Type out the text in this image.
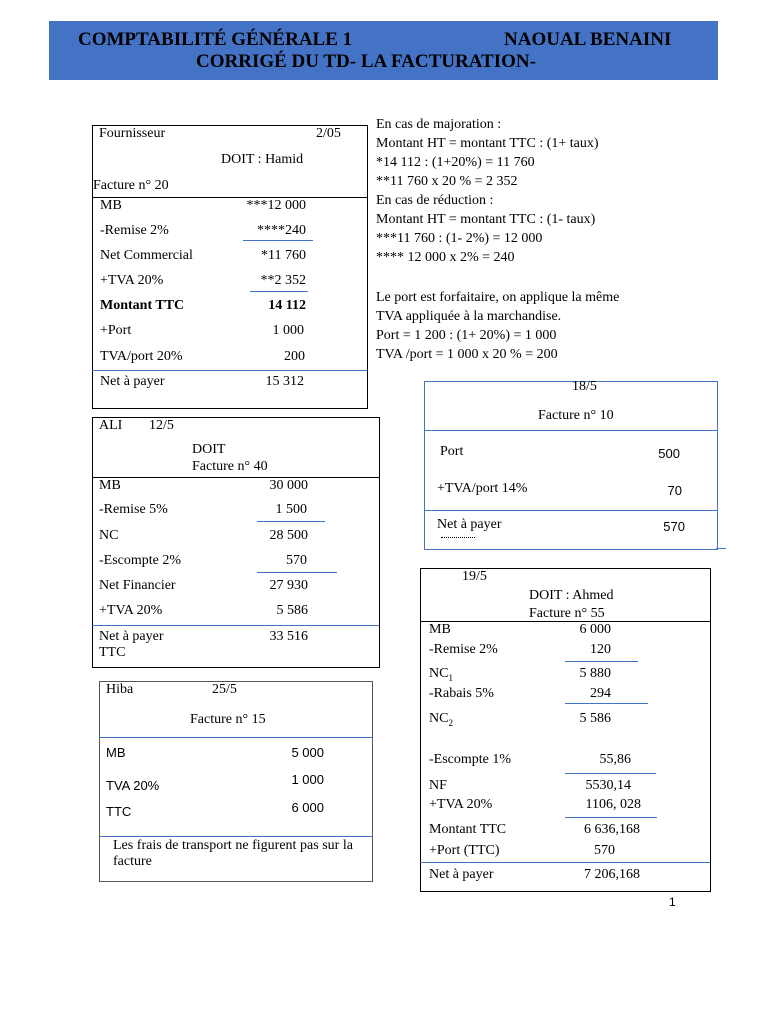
COMPTABILITÉ GÉNÉRALE 1	NAOUAL BENAINI
CORRIGÉ DU TD- LA FACTURATION-
Fournisseur	2/05
DOIT : Hamid
Facture n° 20
MB	***12 000
-Remise 2%	****240
Net Commercial	*11 760
+TVA 20%	**2 352
Montant TTC	14 112
+Port	1 000
TVA/port 20%	200
Net à payer	15 312
En cas de majoration :
Montant HT = montant TTC : (1+ taux)
*14 112 : (1+20%) = 11 760
**11 760 x 20 % = 2 352
En cas de réduction :
Montant HT = montant TTC : (1- taux)
***11 760 : (1- 2%) = 12 000
**** 12 000 x 2% = 240
Le port est forfaitaire, on applique la même
TVA appliquée à la marchandise.
Port = 1 200 : (1+ 20%) = 1 000
TVA /port = 1 000 x 20 % = 200
ALI 12/5
DOIT
Facture n° 40
MB	30 000
-Remise 5%	1 500
NC	28 500
-Escompte 2%	570
Net Financier	27 930
+TVA 20%	5 586
Net à payer	33 516
TTC
18/5
Facture n° 10
Port	500
+TVA/port 14%	70
Net à payer	570
Hiba	25/5
Facture n° 15
MB	5 000
TVA 20%	1 000
TTC	6 000
Les frais de transport ne figurent pas sur la facture
19/5
DOIT : Ahmed
Facture n° 55
MB	6 000
-Remise 2%	120
$NC_1$	5 880
-Rabais 5%	294
$NC_2$	5 586
-Escompte 1%	55,86
NF	5530,14
+TVA 20%	1106, 028
Montant TTC	6 636,168
+Port (TTC)	570
Net à payer	7 206,168
1
